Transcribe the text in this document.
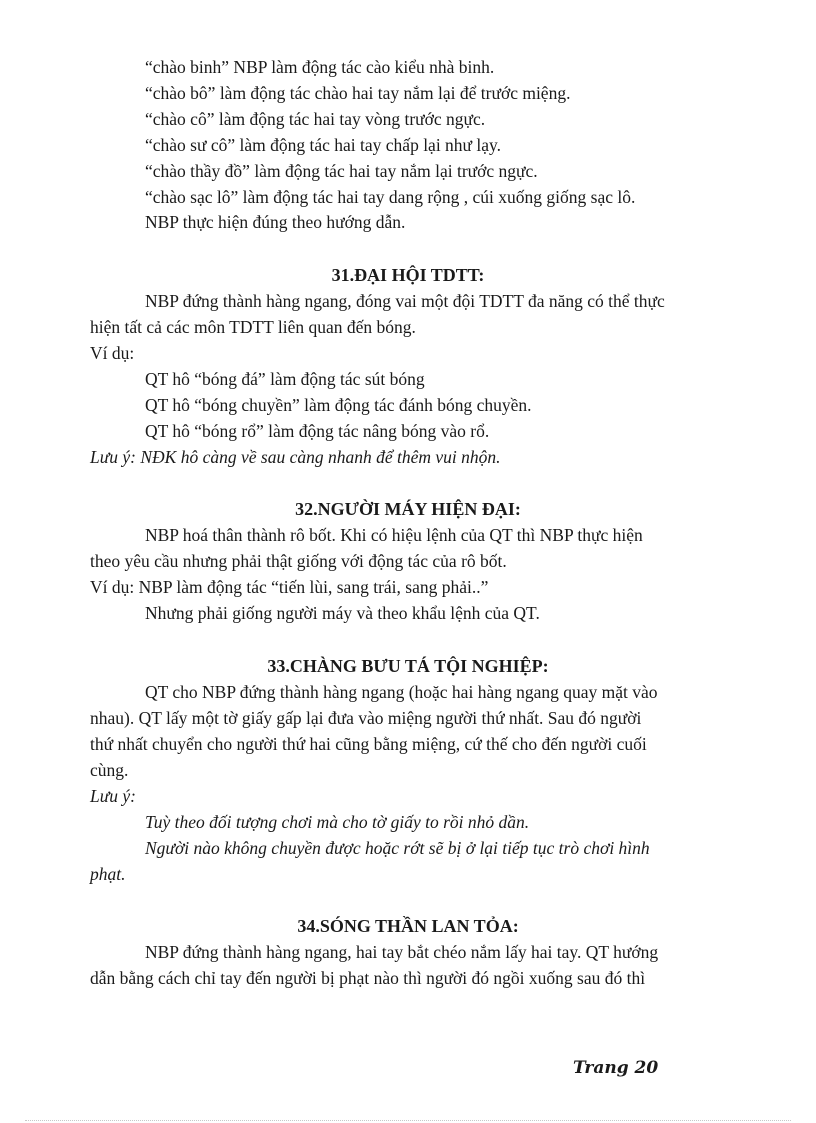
“chào binh” NBP làm động tác cào kiểu nhà binh.
“chào bô” làm động tác chào hai tay nắm lại để trước miệng.
“chào cô” làm động tác hai tay vòng trước ngực.
“chào sư cô” làm động tác hai tay chấp lại như lạy.
“chào thầy đồ” làm động tác hai tay nắm lại trước ngực.
“chào sạc lô” làm động tác hai tay dang rộng , cúi xuống giống sạc lô.
NBP thực hiện đúng theo hướng dẫn.
31.ĐẠI HỘI TDTT:
NBP đứng thành hàng ngang, đóng vai một đội TDTT đa năng có thể thực
hiện tất cả các môn TDTT liên quan đến bóng.
Ví dụ:
QT hô “bóng đá” làm động tác sút bóng
QT hô “bóng chuyền” làm động tác đánh bóng chuyền.
QT hô “bóng rổ” làm động tác nâng bóng vào rổ.
Lưu ý: NĐK hô càng về sau càng nhanh để thêm vui nhộn.
32.NGƯỜI MÁY HIỆN ĐẠI:
NBP hoá thân thành rô bốt. Khi có hiệu lệnh của QT thì NBP thực hiện
theo yêu cầu nhưng phải thật giống với động tác của rô bốt.
Ví dụ: NBP làm động tác “tiến lùi, sang trái, sang phải..”
Nhưng phải giống người máy và theo khẩu lệnh của QT.
33.CHÀNG BƯU TÁ TỘI NGHIỆP:
QT cho NBP đứng thành hàng ngang (hoặc hai hàng ngang quay mặt vào
nhau). QT lấy một tờ giấy gấp lại đưa vào miệng người thứ nhất. Sau đó người
thứ nhất chuyển cho người thứ hai cũng bằng miệng, cứ thế cho đến người cuối
cùng.
Lưu ý:
Tuỳ theo đối tượng chơi mà cho tờ giấy to rồi nhỏ dần.
Người nào không chuyền được hoặc rớt sẽ bị ở lại tiếp tục trò chơi hình
phạt.
34.SÓNG THẦN LAN TỎA:
NBP đứng thành hàng ngang, hai tay bắt chéo nắm lấy hai tay. QT hướng
dẫn bằng cách chỉ tay đến người bị phạt nào thì người đó ngồi xuống sau đó thì
Trang 20
